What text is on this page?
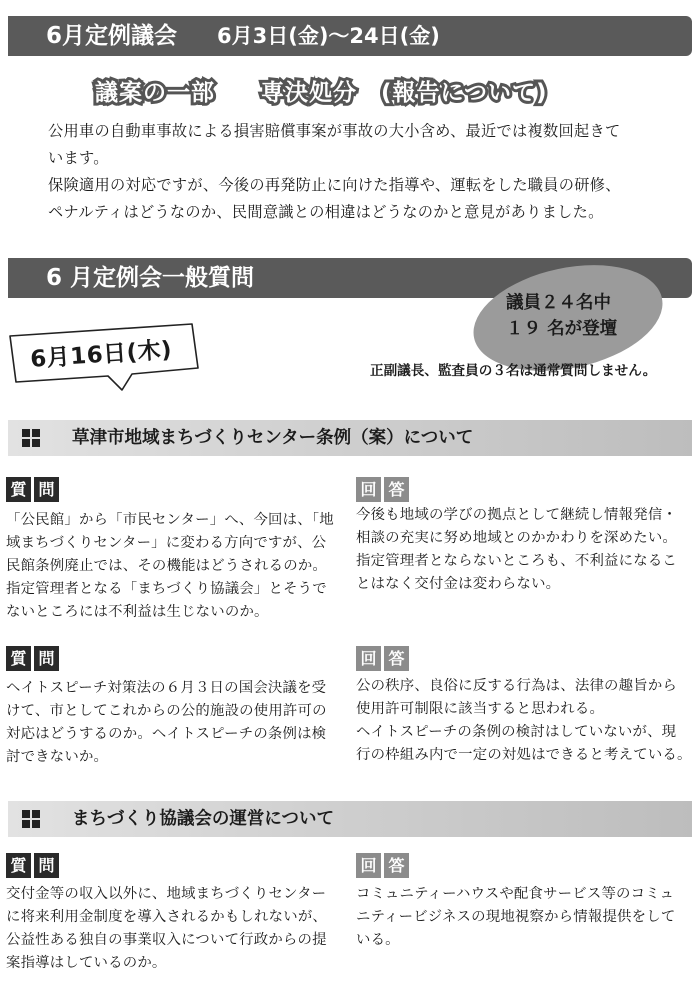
6月定例議会 6月3日(金)～24日(金)
議案の一部 専決処分　(報告について)
公用車の自動車事故による損害賠償事案が事故の大小含め、最近では複数回起きて
います。
保険適用の対応ですが、今後の再発防止に向けた指導や、運転をした職員の研修、
ペナルティはどうなのか、民間意識との相違はどうなのかと意見がありました。
6 月定例会一般質問
議員２４名中
１９ 名が登壇
6月16日(木)	正副議長、監査員の３名は通常質問しません。
草津市地域まちづくりセンター条例（案）について
質 問	回 答
「公民館」から「市民センター」へ、今回は、「地
域まちづくりセンター」に変わる方向ですが、公
民館条例廃止では、その機能はどうされるのか。
指定管理者となる「まちづくり協議会」とそうで
ないところには不利益は生じないのか。
今後も地域の学びの拠点として継続し情報発信・
相談の充実に努め地域とのかかわりを深めたい。
指定管理者とならないところも、不利益になるこ
とはなく交付金は変わらない。
質 問	回 答
ヘイトスピーチ対策法の６月３日の国会決議を受
けて、市としてこれからの公的施設の使用許可の
対応はどうするのか。ヘイトスピーチの条例は検
討できないか。
公の秩序、良俗に反する行為は、法律の趣旨から
使用許可制限に該当すると思われる。
ヘイトスピーチの条例の検討はしていないが、現
行の枠組み内で一定の対処はできると考えている。
まちづくり協議会の運営について
質 問	回 答
交付金等の収入以外に、地域まちづくりセンター
に将来利用金制度を導入されるかもしれないが、
公益性ある独自の事業収入について行政からの提
案指導はしているのか。
コミュニティーハウスや配食サービス等のコミュ
ニティービジネスの現地視察から情報提供をして
いる。
